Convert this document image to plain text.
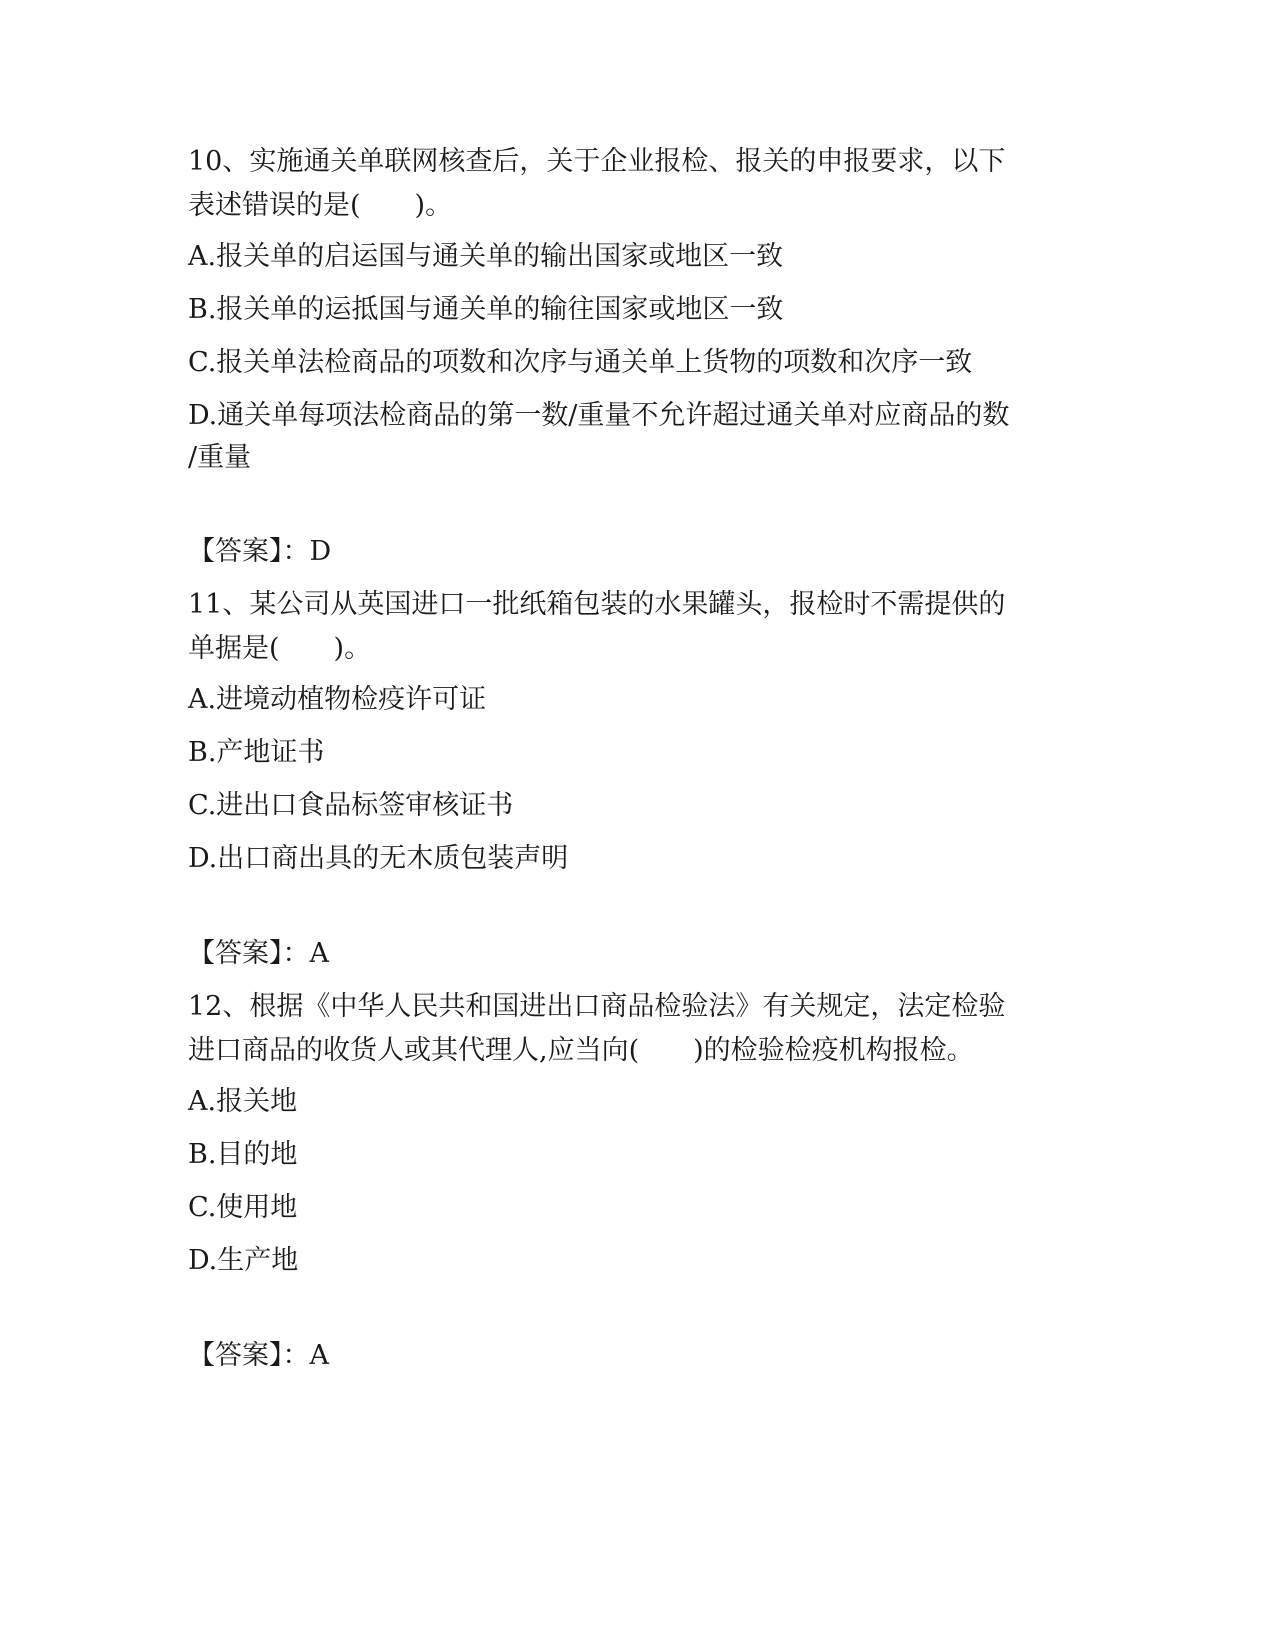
10、实施通关单联网核查后，关于企业报检、报关的申报要求，以下

表述错误的是(　　)。

A.报关单的启运国与通关单的输出国家或地区一致

B.报关单的运抵国与通关单的输往国家或地区一致

C.报关单法检商品的项数和次序与通关单上货物的项数和次序一致

D.通关单每项法检商品的第一数/重量不允许超过通关单对应商品的数

/重量

【答案】：D

11、某公司从英国进口一批纸箱包装的水果罐头，报检时不需提供的

单据是(　　)。

A.进境动植物检疫许可证

B.产地证书

C.进出口食品标签审核证书

D.出口商出具的无木质包装声明

【答案】：A

12、根据《中华人民共和国进出口商品检验法》有关规定，法定检验

进口商品的收货人或其代理人,应当向(　　)的检验检疫机构报检。

A.报关地

B.目的地

C.使用地

D.生产地

【答案】：A
